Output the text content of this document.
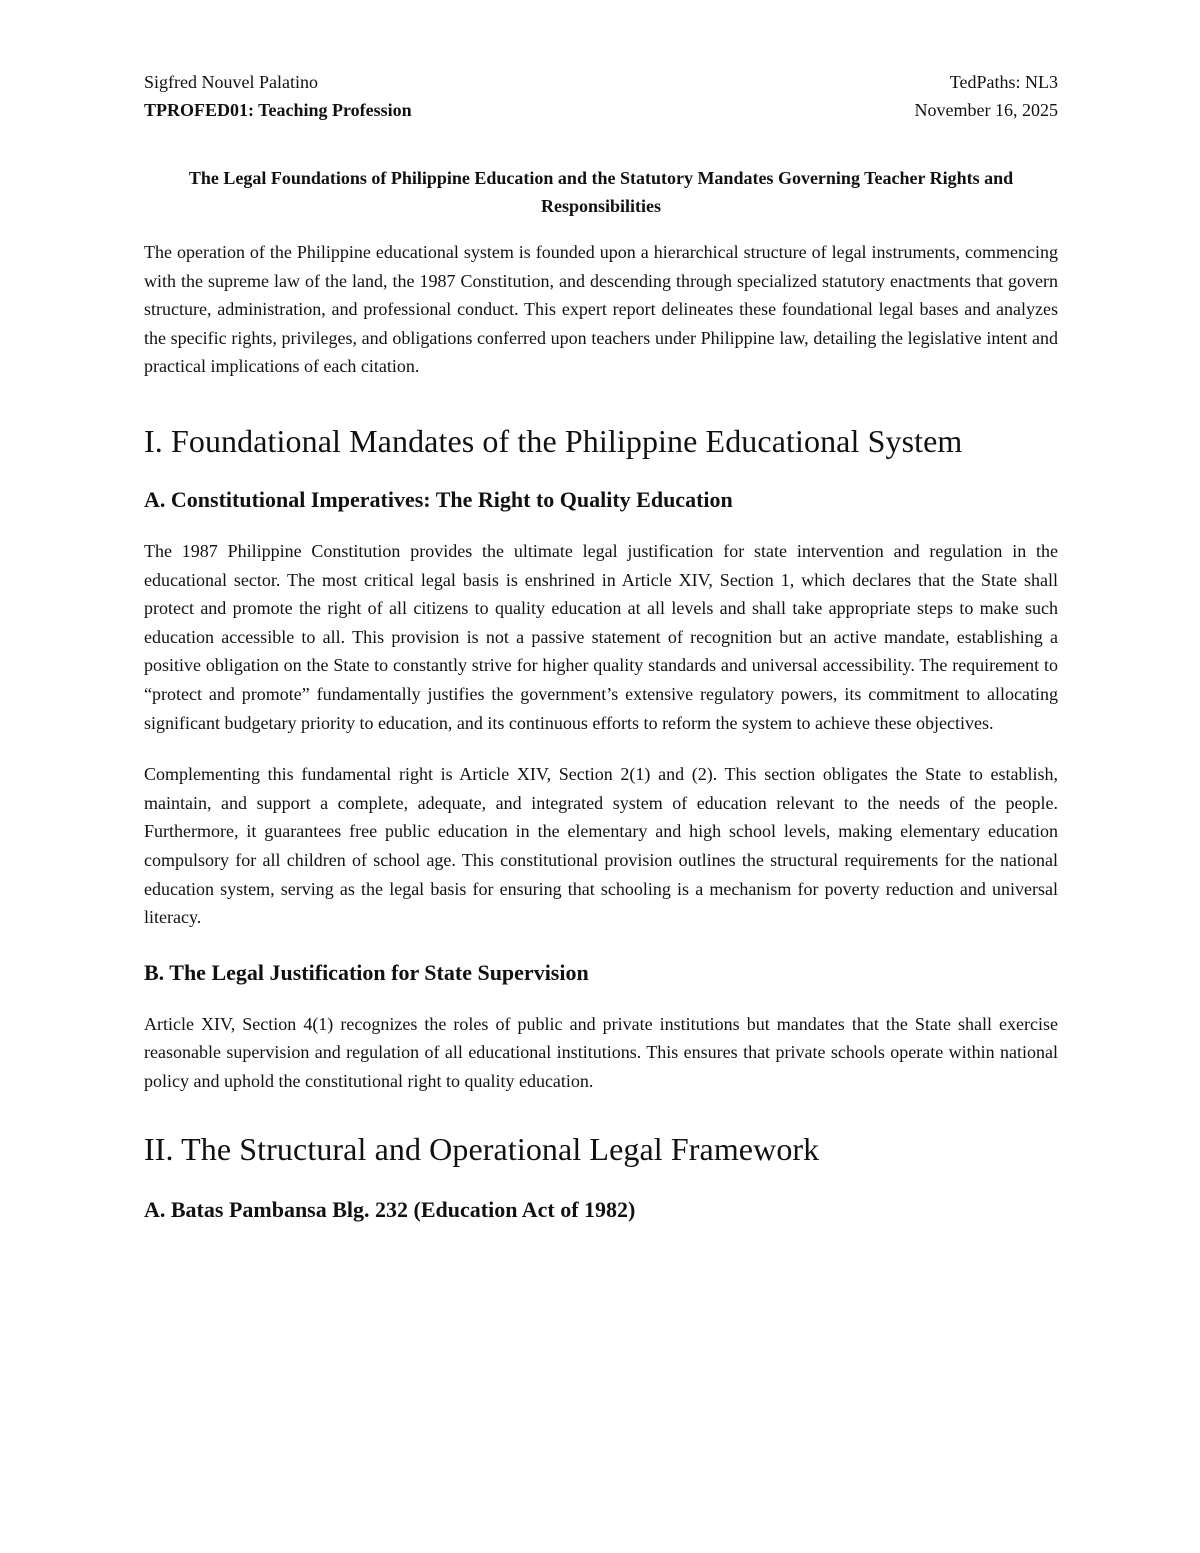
Sigfred Nouvel Palatino	TedPaths: NL3
TPROFED01: Teaching Profession	November 16, 2025
The Legal Foundations of Philippine Education and the Statutory Mandates Governing Teacher Rights and Responsibilities

The operation of the Philippine educational system is founded upon a hierarchical structure of legal instruments, commencing with the supreme law of the land, the 1987 Constitution, and descending through specialized statutory enactments that govern structure, administration, and professional conduct. This expert report delineates these foundational legal bases and analyzes the specific rights, privileges, and obligations conferred upon teachers under Philippine law, detailing the legislative intent and practical implications of each citation.

I. Foundational Mandates of the Philippine Educational System
A. Constitutional Imperatives: The Right to Quality Education

The 1987 Philippine Constitution provides the ultimate legal justification for state intervention and regulation in the educational sector. The most critical legal basis is enshrined in Article XIV, Section 1, which declares that the State shall protect and promote the right of all citizens to quality education at all levels and shall take appropriate steps to make such education accessible to all. This provision is not a passive statement of recognition but an active mandate, establishing a positive obligation on the State to constantly strive for higher quality standards and universal accessibility. The requirement to “protect and promote” fundamentally justifies the government’s extensive regulatory powers, its commitment to allocating significant budgetary priority to education, and its continuous efforts to reform the system to achieve these objectives.

Complementing this fundamental right is Article XIV, Section 2(1) and (2). This section obligates the State to establish, maintain, and support a complete, adequate, and integrated system of education relevant to the needs of the people. Furthermore, it guarantees free public education in the elementary and high school levels, making elementary education compulsory for all children of school age. This constitutional provision outlines the structural requirements for the national education system, serving as the legal basis for ensuring that schooling is a mechanism for poverty reduction and universal literacy.

B. The Legal Justification for State Supervision

Article XIV, Section 4(1) recognizes the roles of public and private institutions but mandates that the State shall exercise reasonable supervision and regulation of all educational institutions. This ensures that private schools operate within national policy and uphold the constitutional right to quality education.

II. The Structural and Operational Legal Framework
A. Batas Pambansa Blg. 232 (Education Act of 1982)
